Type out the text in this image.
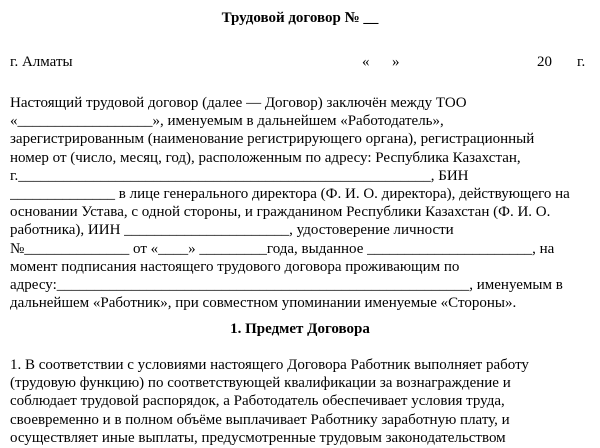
Трудовой договор № __
г. Алматы	«      »	20 г.
Настоящий трудовой договор (далее — Договор) заключён между ТОО
«__________________», именуемым в дальнейшем «Работодатель»,
зарегистрированным (наименование регистрирующего органа), регистрационный
номер от (число, месяц, год), расположенным по адресу: Республика Казахстан,
г._______________________________________________________, БИН
______________ в лице генерального директора (Ф. И. О. директора), действующего на
основании Устава, с одной стороны, и гражданином Республики Казахстан (Ф. И. О.
работника), ИИН ______________________, удостоверение личности
№______________ от «____» _________года, выданное ______________________, на
момент подписания настоящего трудового договора проживающим по
адресу:_______________________________________________________, именуемым в
дальнейшем «Работник», при совместном упоминании именуемые «Стороны».
1. Предмет Договора
1. В соответствии с условиями настоящего Договора Работник выполняет работу
(трудовую функцию) по соответствующей квалификации за вознаграждение и
соблюдает трудовой распорядок, а Работодатель обеспечивает условия труда,
своевременно и в полном объёме выплачивает Работнику заработную плату, и
осуществляет иные выплаты, предусмотренные трудовым законодательством
